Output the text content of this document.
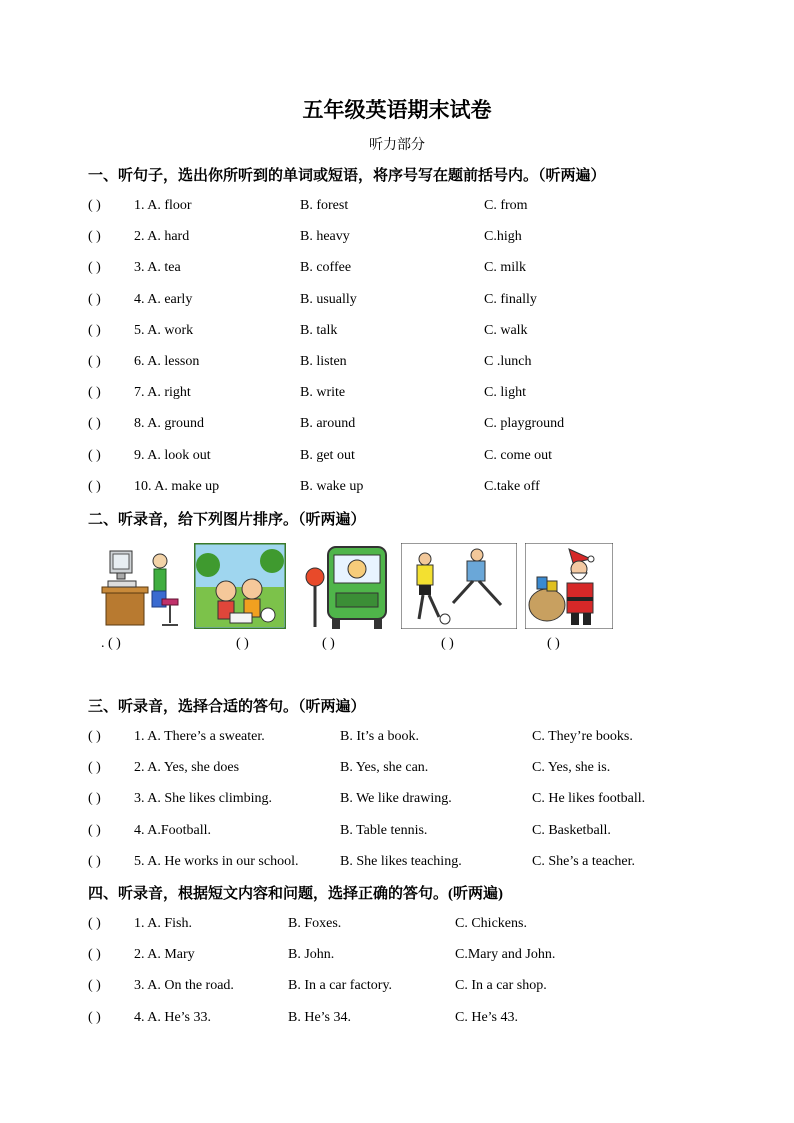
五年级英语期末试卷
听力部分
一、听句子，选出你所听到的单词或短语，将序号写在题前括号内。（听两遍）
( ) 1. A. floor	B. forest	C. from
( ) 2. A. hard	B. heavy	C.high
( ) 3. A. tea	B. coffee	C. milk
( ) 4. A. early	B. usually	C. finally
( ) 5. A. work	B. talk	C. walk
( ) 6. A. lesson	B. listen	C .lunch
( ) 7. A. right	B. write	C. light
( ) 8. A. ground	B. around	C. playground
( ) 9. A. look out	B. get out	C. come out
( ) 10. A. make up	B. wake up	C.take off
二、听录音，给下列图片排序。（听两遍）
. ( )	( )	( )	( )	( )
三、听录音，选择合适的答句。（听两遍）
( ) 1. A. There’s a sweater.	B. It’s a book.	C. They’re books.
( ) 2. A. Yes, she does	B. Yes, she can.	C. Yes, she is.
( ) 3. A. She likes climbing.	B. We like drawing.	C. He likes football.
( ) 4. A.Football.	B. Table tennis.	C. Basketball.
( ) 5. A. He works in our school.	B. She likes teaching.	C. She’s a teacher.
四、听录音，根据短文内容和问题，选择正确的答句。(听两遍)
( ) 1. A. Fish.	B. Foxes.	C. Chickens.
( ) 2. A. Mary	B. John.	C.Mary and John.
( ) 3. A. On the road.	B. In a car factory.	C. In a car shop.
( ) 4. A. He’s 33.	B. He’s 34.	C. He’s 43.
